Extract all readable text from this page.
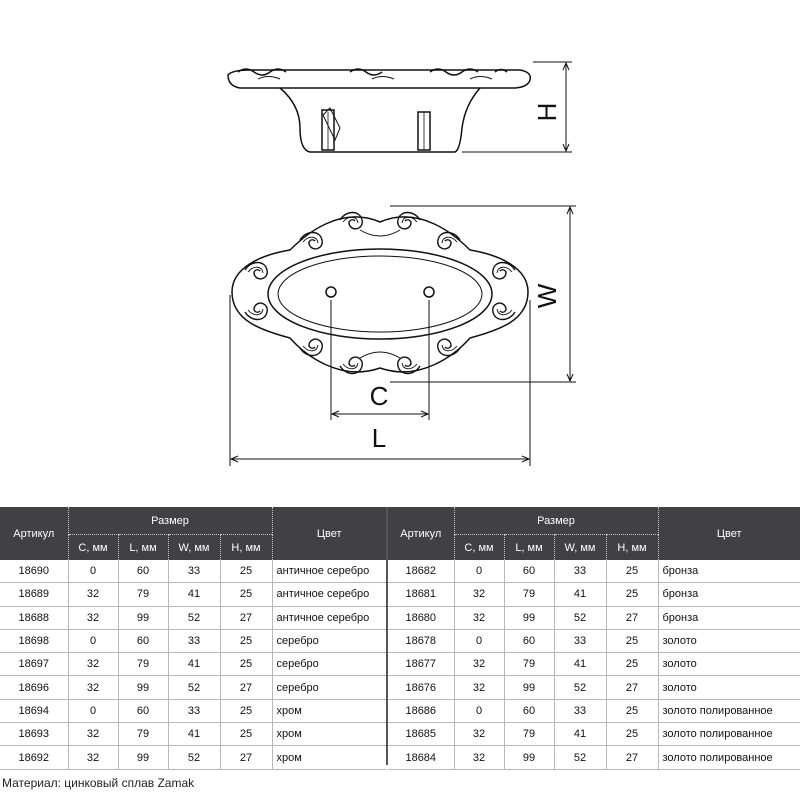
H
W
C
L
Артикул	Размер				Цвет
	C, мм	L, мм	W, мм	H, мм	
18690	0	60	33	25	античное серебро
18689	32	79	41	25	античное серебро
18688	32	99	52	27	античное серебро
18698	0	60	33	25	серебро
18697	32	79	41	25	серебро
18696	32	99	52	27	серебро
18694	0	60	33	25	хром
18693	32	79	41	25	хром
18692	32	99	52	27	хром
Артикул	Размер				Цвет
	C, мм	L, мм	W, мм	H, мм	
18682	0	60	33	25	бронза
18681	32	79	41	25	бронза
18680	32	99	52	27	бронза
18678	0	60	33	25	золото
18677	32	79	41	25	золото
18676	32	99	52	27	золото
18686	0	60	33	25	золото полированное
18685	32	79	41	25	золото полированное
18684	32	99	52	27	золото полированное
Материал: цинковый сплав Zamak
